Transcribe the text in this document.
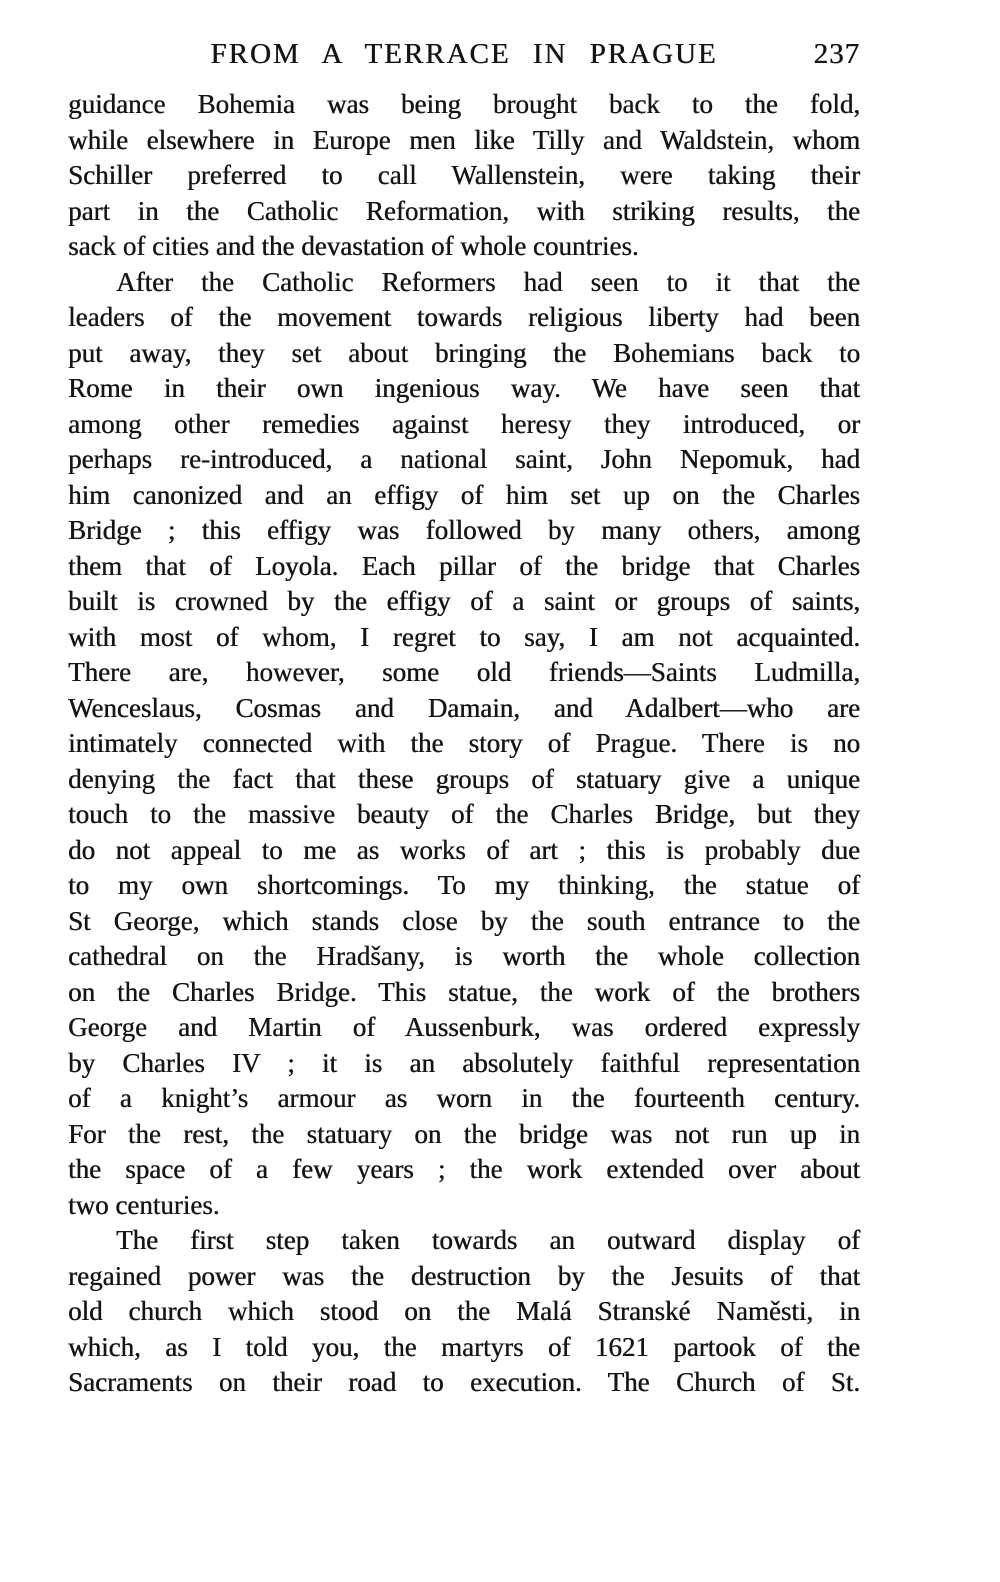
FROM A TERRACE IN PRAGUE	237
guidance Bohemia was being brought back to the fold,
while elsewhere in Europe men like Tilly and Waldstein, whom
Schiller preferred to call Wallenstein, were taking their
part in the Catholic Reformation, with striking results, the
sack of cities and the devastation of whole countries.
After the Catholic Reformers had seen to it that the
leaders of the movement towards religious liberty had been
put away, they set about bringing the Bohemians back to
Rome in their own ingenious way. We have seen that
among other remedies against heresy they introduced, or
perhaps re-introduced, a national saint, John Nepomuk, had
him canonized and an effigy of him set up on the Charles
Bridge ; this effigy was followed by many others, among
them that of Loyola. Each pillar of the bridge that Charles
built is crowned by the effigy of a saint or groups of saints,
with most of whom, I regret to say, I am not acquainted.
There are, however, some old friends—Saints Ludmilla,
Wenceslaus, Cosmas and Damain, and Adalbert—who are
intimately connected with the story of Prague. There is no
denying the fact that these groups of statuary give a unique
touch to the massive beauty of the Charles Bridge, but they
do not appeal to me as works of art ; this is probably due
to my own shortcomings. To my thinking, the statue of
St George, which stands close by the south entrance to the
cathedral on the Hradšany, is worth the whole collection
on the Charles Bridge. This statue, the work of the brothers
George and Martin of Aussenburk, was ordered expressly
by Charles IV ; it is an absolutely faithful representation
of a knight’s armour as worn in the fourteenth century.
For the rest, the statuary on the bridge was not run up in
the space of a few years ; the work extended over about
two centuries.
The first step taken towards an outward display of
regained power was the destruction by the Jesuits of that
old church which stood on the Malá Stranské Naměsti, in
which, as I told you, the martyrs of 1621 partook of the
Sacraments on their road to execution. The Church of St.
